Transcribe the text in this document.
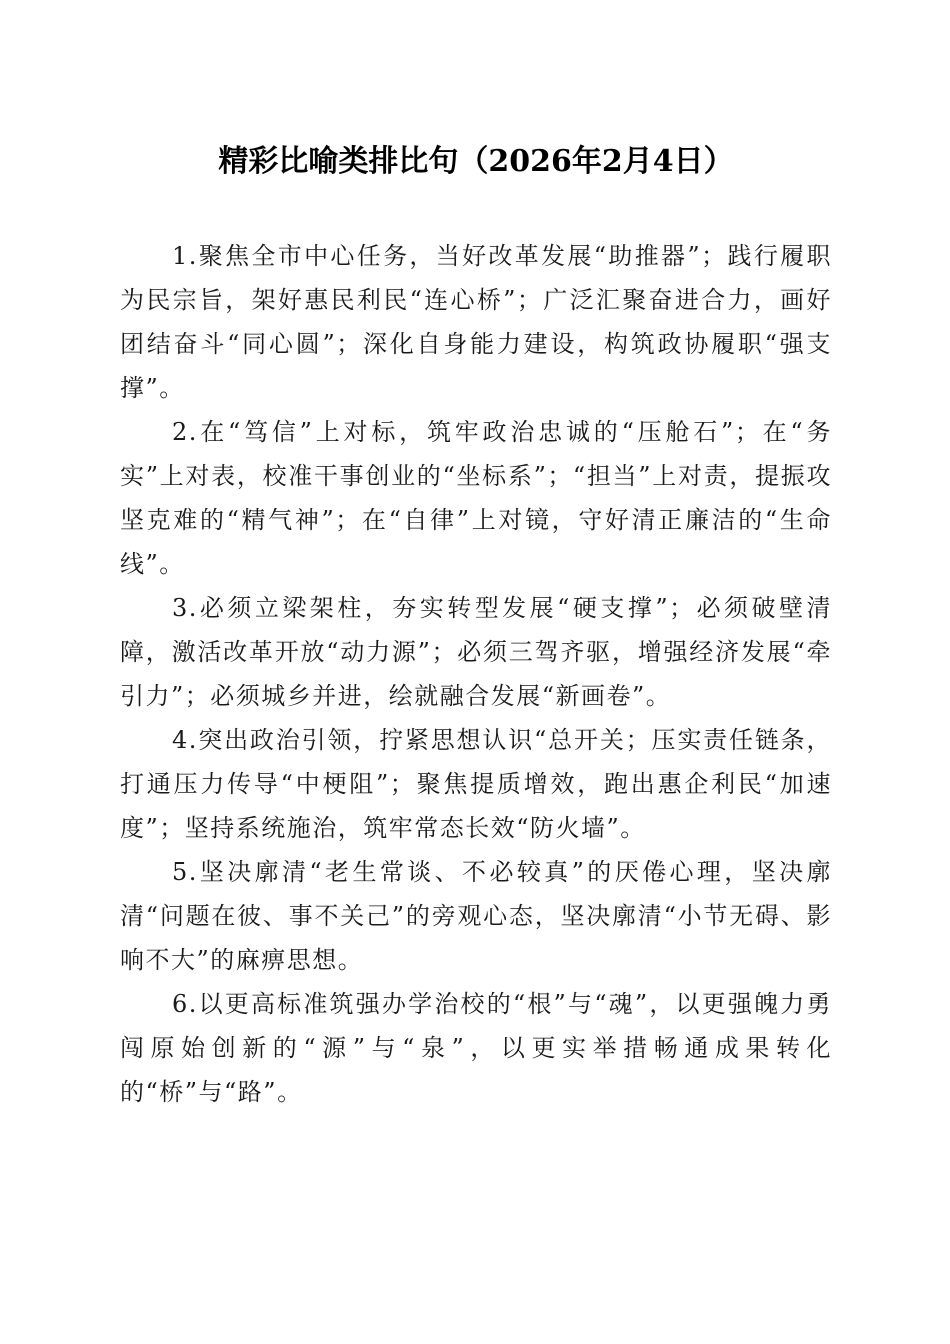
精彩比喻类排比句（2026年2月4日）

1.聚焦全市中心任务，当好改革发展“助推器”；践行履职为民宗旨，架好惠民利民“连心桥”；广泛汇聚奋进合力，画好团结奋斗“同心圆”；深化自身能力建设，构筑政协履职“强支撑”。

2.在“笃信”上对标，筑牢政治忠诚的“压舱石”；在“务实”上对表，校准干事创业的“坐标系”；“担当”上对责，提振攻坚克难的“精气神”；在“自律”上对镜，守好清正廉洁的“生命线”。

3.必须立梁架柱，夯实转型发展“硬支撑”；必须破壁清障，激活改革开放“动力源”；必须三驾齐驱，增强经济发展“牵引力”；必须城乡并进，绘就融合发展“新画卷”。

4.突出政治引领，拧紧思想认识“总开关；压实责任链条，打通压力传导“中梗阻”；聚焦提质增效，跑出惠企利民“加速度”；坚持系统施治，筑牢常态长效“防火墙”。

5.坚决廓清“老生常谈、不必较真”的厌倦心理，坚决廓清“问题在彼、事不关己”的旁观心态，坚决廓清“小节无碍、影响不大”的麻痹思想。

6.以更高标准筑强办学治校的“根”与“魂”，以更强魄力勇闯原始创新的“源”与“泉”，以更实举措畅通成果转化的“桥”与“路”。
